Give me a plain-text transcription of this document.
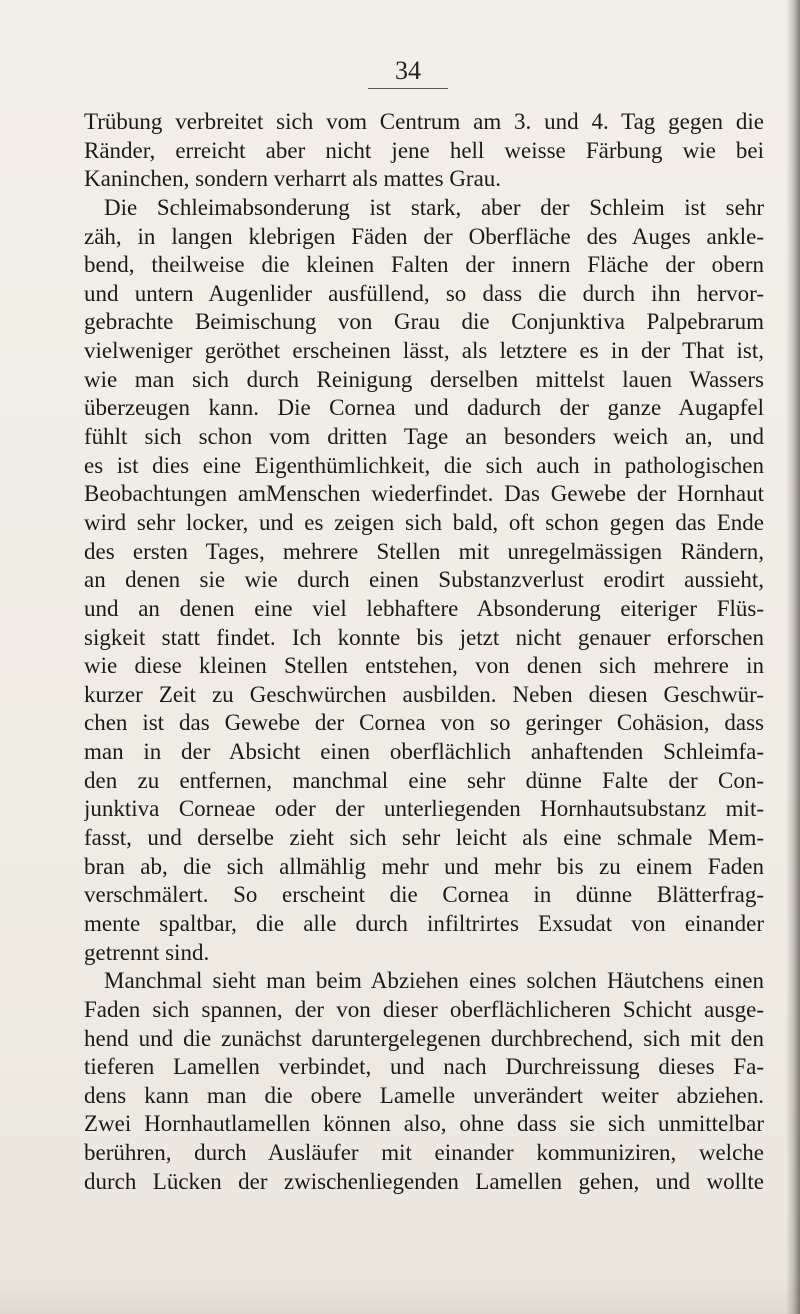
34
Trübung verbreitet sich vom Centrum am 3. und 4. Tag gegen die
Ränder, erreicht aber nicht jene hell weisse Färbung wie bei
Kaninchen, sondern verharrt als mattes Grau.
Die Schleimabsonderung ist stark, aber der Schleim ist sehr
zäh, in langen klebrigen Fäden der Oberfläche des Auges ankle-
bend, theilweise die kleinen Falten der innern Fläche der obern
und untern Augenlider ausfüllend, so dass die durch ihn hervor-
gebrachte Beimischung von Grau die Conjunktiva Palpebrarum
vielweniger geröthet erscheinen lässt, als letztere es in der That ist,
wie man sich durch Reinigung derselben mittelst lauen Wassers
überzeugen kann. Die Cornea und dadurch der ganze Augapfel
fühlt sich schon vom dritten Tage an besonders weich an, und
es ist dies eine Eigenthümlichkeit, die sich auch in pathologischen
Beobachtungen amMenschen wiederfindet. Das Gewebe der Hornhaut
wird sehr locker, und es zeigen sich bald, oft schon gegen das Ende
des ersten Tages, mehrere Stellen mit unregelmässigen Rändern,
an denen sie wie durch einen Substanzverlust erodirt aussieht,
und an denen eine viel lebhaftere Absonderung eiteriger Flüs-
sigkeit statt findet. Ich konnte bis jetzt nicht genauer erforschen
wie diese kleinen Stellen entstehen, von denen sich mehrere in
kurzer Zeit zu Geschwürchen ausbilden. Neben diesen Geschwür-
chen ist das Gewebe der Cornea von so geringer Cohäsion, dass
man in der Absicht einen oberflächlich anhaftenden Schleimfa-
den zu entfernen, manchmal eine sehr dünne Falte der Con-
junktiva Corneae oder der unterliegenden Hornhautsubstanz mit-
fasst, und derselbe zieht sich sehr leicht als eine schmale Mem-
bran ab, die sich allmählig mehr und mehr bis zu einem Faden
verschmälert. So erscheint die Cornea in dünne Blätterfrag-
mente spaltbar, die alle durch infiltrirtes Exsudat von einander
getrennt sind.
Manchmal sieht man beim Abziehen eines solchen Häutchens einen
Faden sich spannen, der von dieser oberflächlicheren Schicht ausge-
hend und die zunächst daruntergelegenen durchbrechend, sich mit den
tieferen Lamellen verbindet, und nach Durchreissung dieses Fa-
dens kann man die obere Lamelle unverändert weiter abziehen.
Zwei Hornhautlamellen können also, ohne dass sie sich unmittelbar
berühren, durch Ausläufer mit einander kommuniziren, welche
durch Lücken der zwischenliegenden Lamellen gehen, und wollte
